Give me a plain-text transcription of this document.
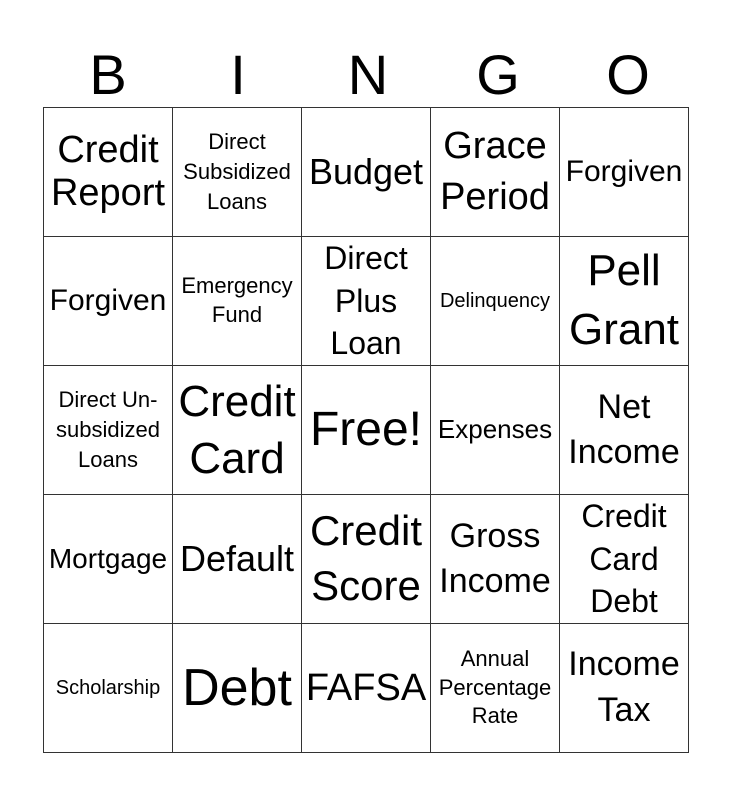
B	I	N	G	O
Credit Report	Direct Subsidized Loans	Budget	Grace Period	Forgiven

Forgiven	Emergency Fund	Direct Plus Loan	Delinquency	Pell Grant

Direct Un-subsidized Loans	Credit Card	Free!	Expenses	Net Income

Mortgage	Default	Credit Score	Gross Income	Credit Card Debt

Scholarship	Debt	FAFSA	Annual Percentage Rate	Income Tax
